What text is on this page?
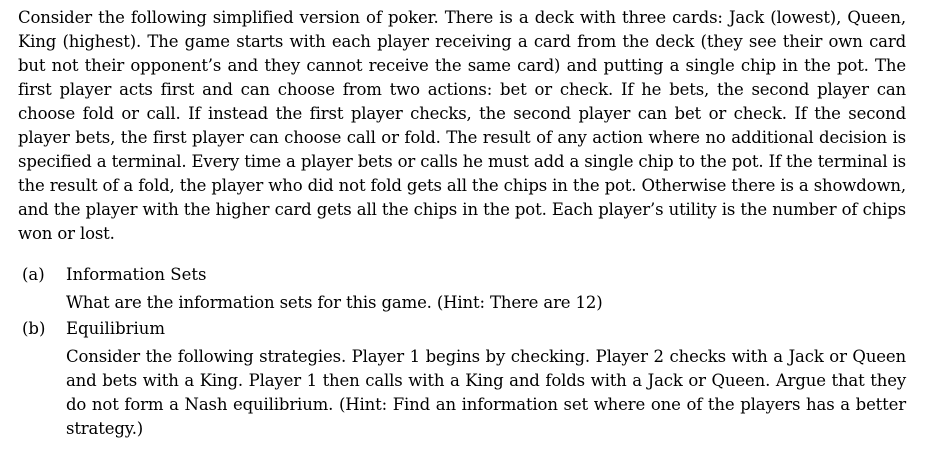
Consider the following simplified version of poker. There is a deck with three cards: Jack (lowest), Queen, King (highest). The game starts with each player receiving a card from the deck (they see their own card but not their opponent’s and they cannot receive the same card) and putting a single chip in the pot. The first player acts first and can choose from two actions: bet or check. If he bets, the second player can choose fold or call. If instead the first player checks, the second player can bet or check. If the second player bets, the first player can choose call or fold. The result of any action where no additional decision is specified a terminal. Every time a player bets or calls he must add a single chip to the pot. If the terminal is the result of a fold, the player who did not fold gets all the chips in the pot. Otherwise there is a showdown, and the player with the higher card gets all the chips in the pot. Each player’s utility is the number of chips won or lost.

(a)	Information Sets
What are the information sets for this game. (Hint: There are 12)
(b)	Equilibrium
Consider the following strategies. Player 1 begins by checking. Player 2 checks with a Jack or Queen and bets with a King. Player 1 then calls with a King and folds with a Jack or Queen. Argue that they do not form a Nash equilibrium. (Hint: Find an information set where one of the players has a better strategy.)
